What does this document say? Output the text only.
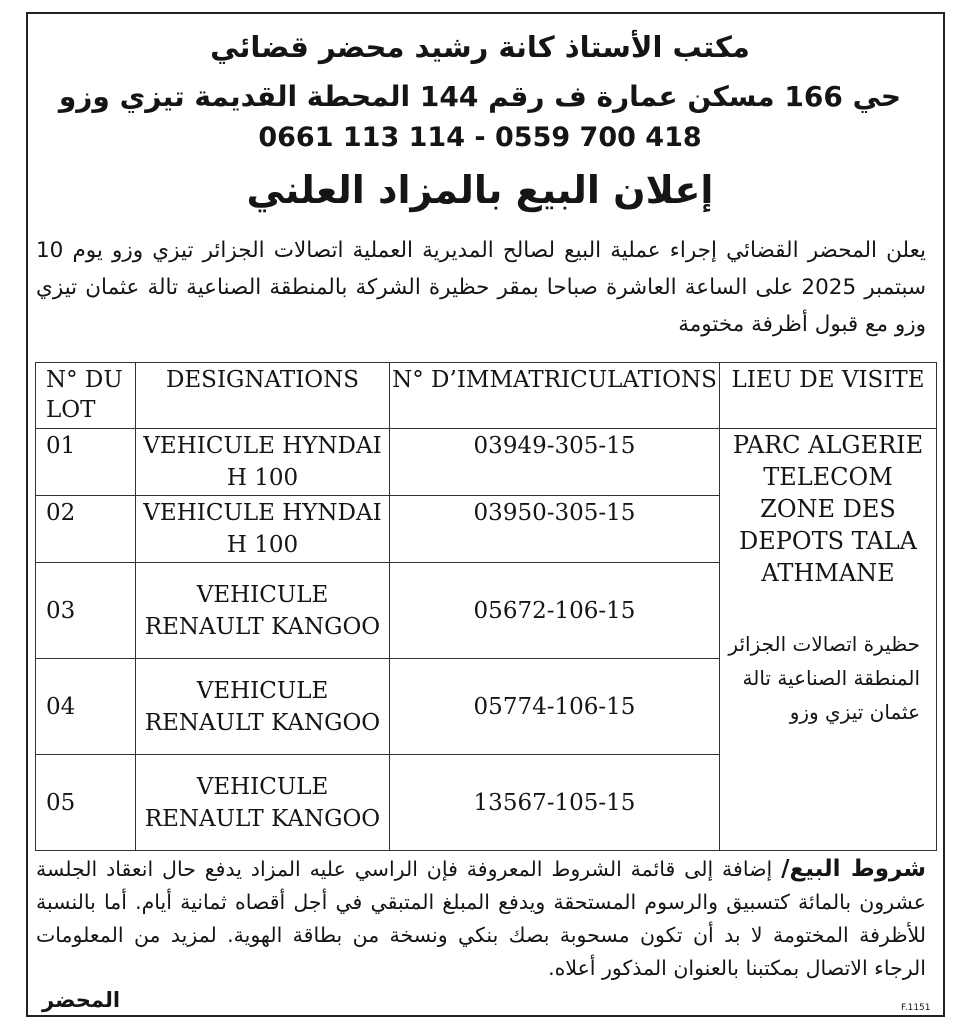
مكتب الأستاذ كانة رشيد محضر قضائي
حي 166 مسكن عمارة ف رقم 144 المحطة القديمة تيزي وزو
0661 113 114 - 0559 700 418
إعلان البيع بالمزاد العلني
يعلن المحضر القضائي إجراء عملية البيع لصالح المديرية العملية اتصالات الجزائر تيزي وزو يوم 10 سبتمبر 2025 على الساعة العاشرة صباحا بمقر حظيرة الشركة بالمنطقة الصناعية تالة عثمان تيزي وزو مع قبول أظرفة مختومة
N° DU LOT	DESIGNATIONS	N° D’IMMATRICULATIONS	LIEU DE VISITE
01	VEHICULE HYNDAI H 100	03949-305-15	PARC ALGERIE TELECOM ZONE DES DEPOTS TALA ATHMANE
حظيرة اتصالات الجزائر المنطقة الصناعية تالة عثمان تيزي وزو

02	VEHICULE HYNDAI H 100	03950-305-15	
03	VEHICULE RENAULT KANGOO	05672-106-15	
04	VEHICULE RENAULT KANGOO	05774-106-15	
05	VEHICULE RENAULT KANGOO	13567-105-15	
شروط البيع/ إضافة إلى قائمة الشروط المعروفة فإن الراسي عليه المزاد يدفع حال انعقاد الجلسة عشرون بالمائة كتسبيق والرسوم المستحقة ويدفع المبلغ المتبقي في أجل أقصاه ثمانية أيام. أما بالنسبة للأظرفة المختومة لا بد أن تكون مسحوبة بصك بنكي ونسخة من بطاقة الهوية. لمزيد من المعلومات الرجاء الاتصال بمكتبنا بالعنوان المذكور أعلاه.
المحضر	F.1151
